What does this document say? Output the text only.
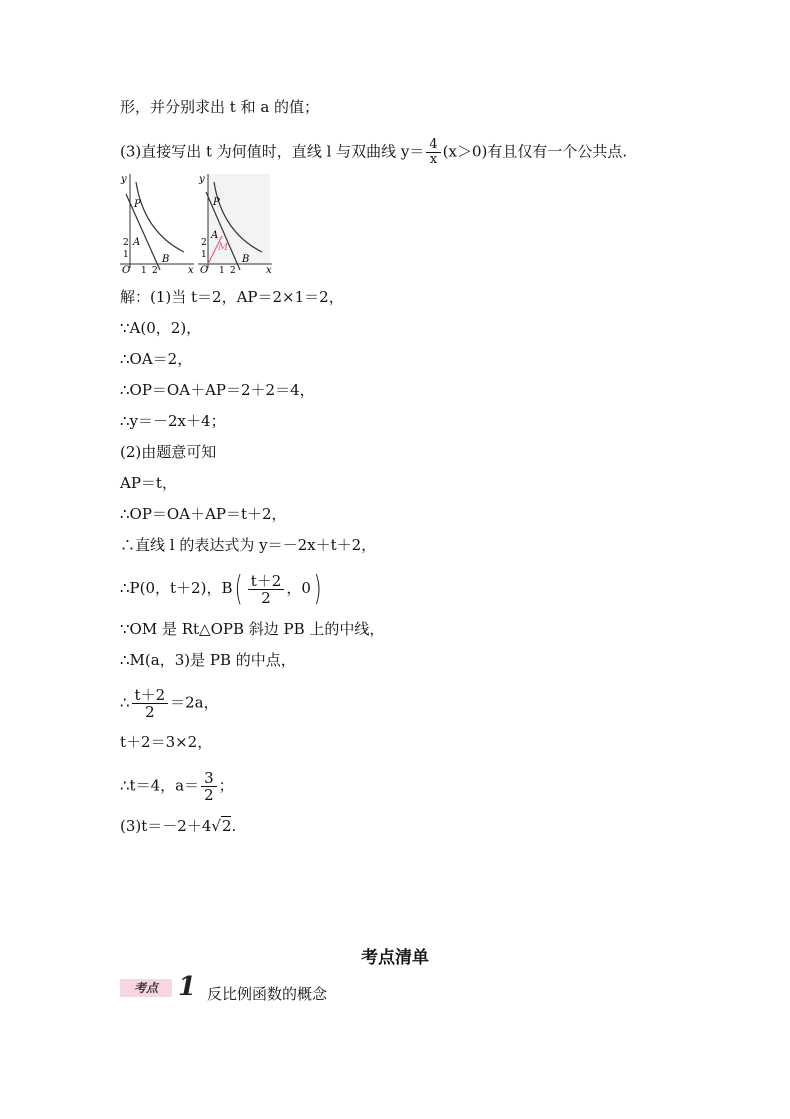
形，并分别求出 t 和 a 的值；
(3)直接写出 t 为何值时，直线 l 与双曲线 $y= \frac{4}{x} (x>0)$有且仅有一个公共点.
y
P
A
2
1
O 1 2
B
x
y
P
A
M
2
1
O 1 2
B
x
解：(1)当 t＝2，AP＝2×1＝2，
∵A(0，2)，
∴OA＝2，
∴OP＝OA＋AP＝2＋2＝4，
∴y＝－2x＋4；
(2)由题意可知
AP＝t，
∴OP＝OA＋AP＝t＋2，
∴直线 l 的表达式为 y＝－2x＋t＋2，
∴P(0，t＋2)，$B( \frac{t+2}{2}$ ，0)
∵OM 是 Rt△OPB 斜边 PB 上的中线，
∴M(a，3)是 PB 的中点，
∴ $\frac{t+2}{2} =2a$，
t＋2＝3×2，
∴t＝4，$a= \frac{3}{2}$ ；
(3)t＝－2＋4√2.
考点清单
考点 1 反比例函数的概念
